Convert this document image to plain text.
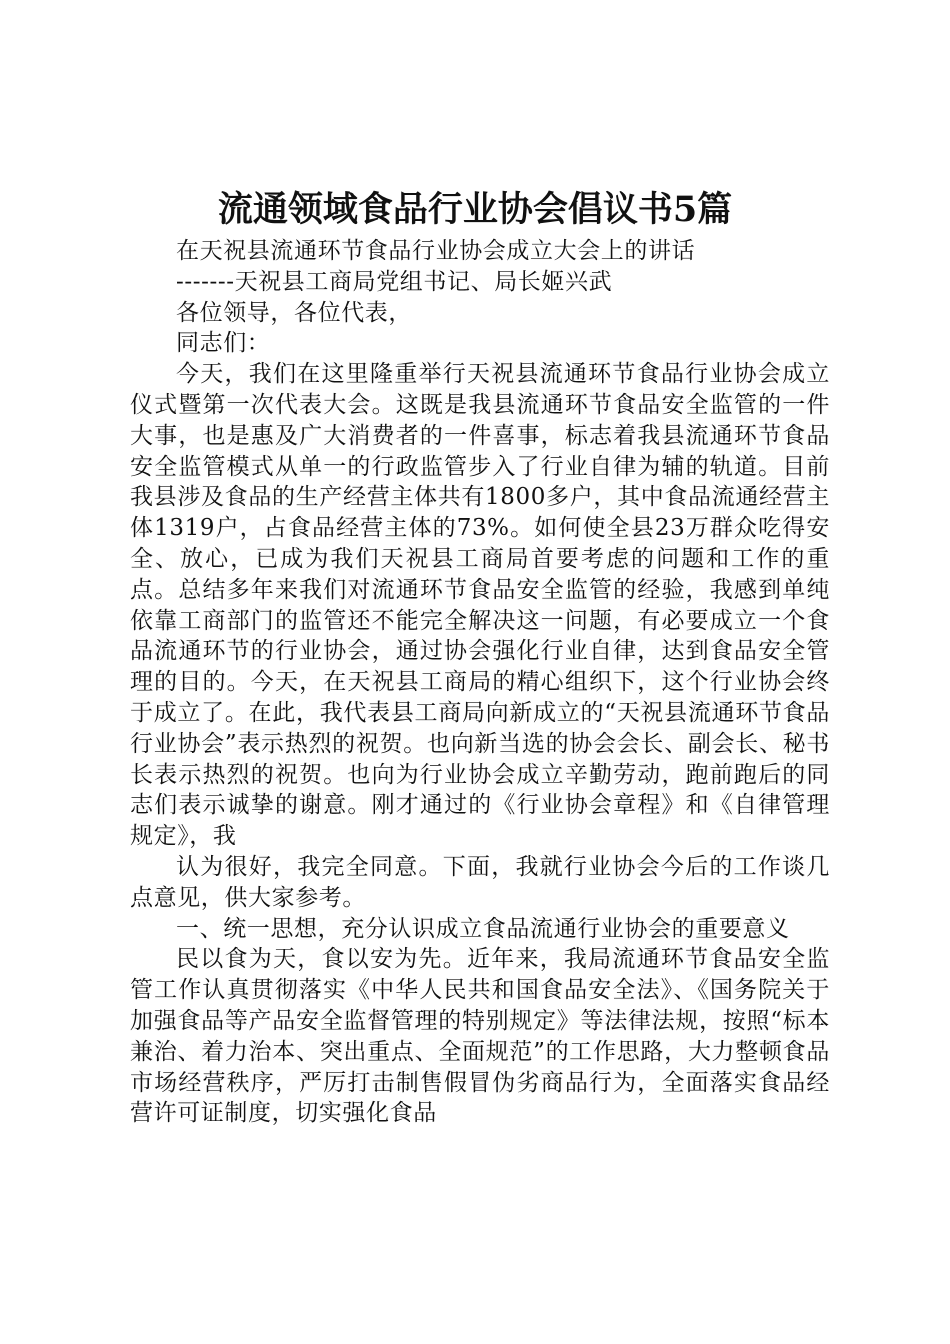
流通领域食品行业协会倡议书5篇

在天祝县流通环节食品行业协会成立大会上的讲话

-------天祝县工商局党组书记、局长姬兴武

各位领导，各位代表，

同志们：

今天，我们在这里隆重举行天祝县流通环节食品行业协会成立仪式暨第一次代表大会。这既是我县流通环节食品安全监管的一件大事，也是惠及广大消费者的一件喜事，标志着我县流通环节食品安全监管模式从单一的行政监管步入了行业自律为辅的轨道。目前我县涉及食品的生产经营主体共有1800多户，其中食品流通经营主体1319户，占食品经营主体的73%。如何使全县23万群众吃得安全、放心，已成为我们天祝县工商局首要考虑的问题和工作的重点。总结多年来我们对流通环节食品安全监管的经验，我感到单纯依靠工商部门的监管还不能完全解决这一问题，有必要成立一个食品流通环节的行业协会，通过协会强化行业自律，达到食品安全管理的目的。今天，在天祝县工商局的精心组织下，这个行业协会终于成立了。在此，我代表县工商局向新成立的“天祝县流通环节食品行业协会”表示热烈的祝贺。也向新当选的协会会长、副会长、秘书长表示热烈的祝贺。也向为行业协会成立辛勤劳动，跑前跑后的同志们表示诚挚的谢意。刚才通过的《行业协会章程》和《自律管理规定》，我

认为很好，我完全同意。下面，我就行业协会今后的工作谈几点意见，供大家参考。

一、统一思想，充分认识成立食品流通行业协会的重要意义

民以食为天，食以安为先。近年来，我局流通环节食品安全监管工作认真贯彻落实《中华人民共和国食品安全法》、《国务院关于加强食品等产品安全监督管理的特别规定》等法律法规，按照“标本兼治、着力治本、突出重点、全面规范”的工作思路，大力整顿食品市场经营秩序，严厉打击制售假冒伪劣商品行为，全面落实食品经营许可证制度，切实强化食品
